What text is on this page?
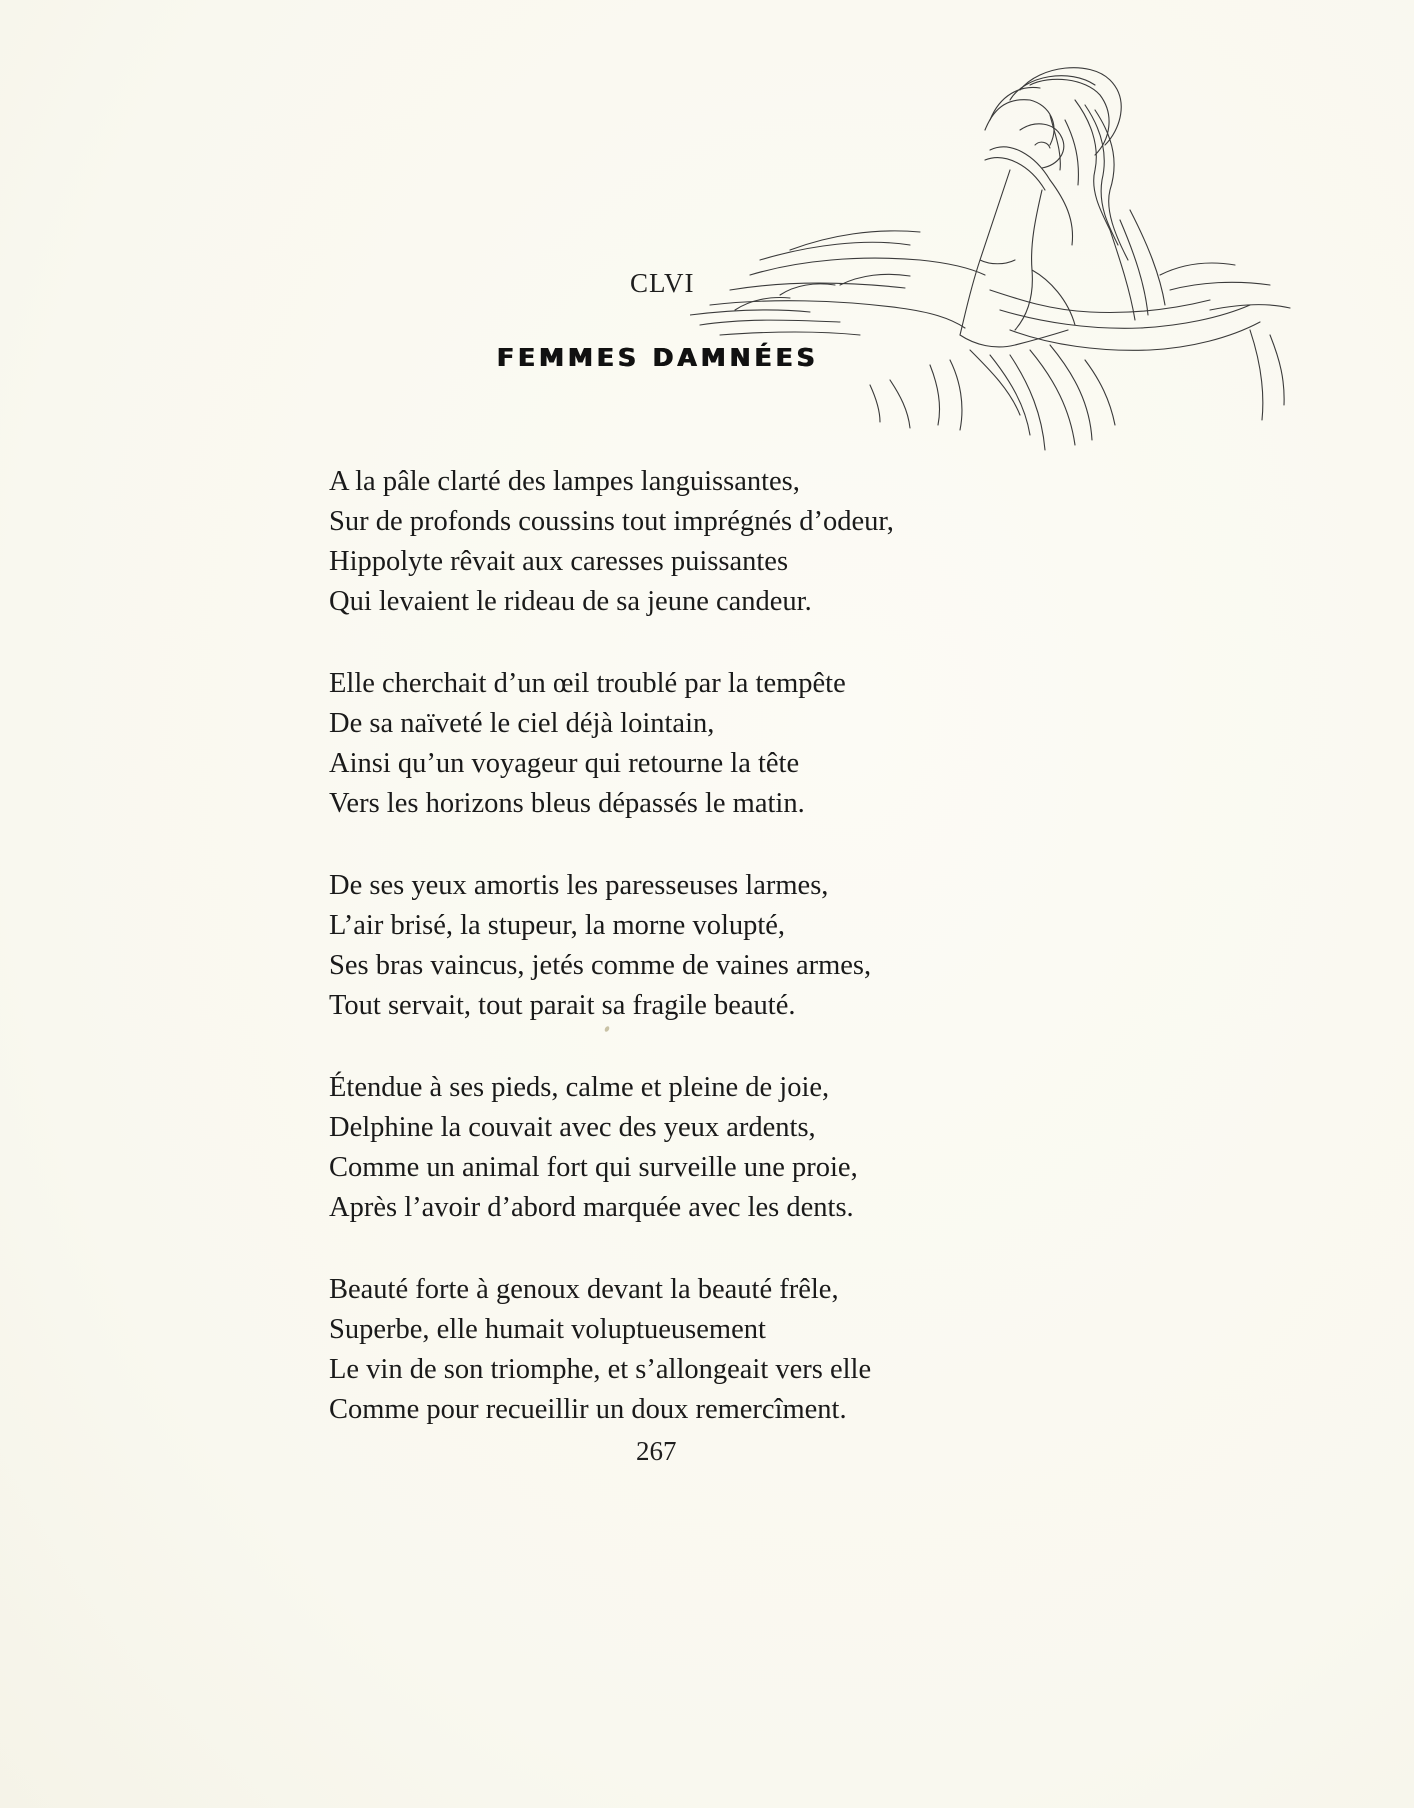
CLVI
FEMMES DAMNÉES
A la pâle clarté des lampes languissantes,
Sur de profonds coussins tout imprégnés d’odeur,
Hippolyte rêvait aux caresses puissantes
Qui levaient le rideau de sa jeune candeur.
Elle cherchait d’un œil troublé par la tempête
De sa naïveté le ciel déjà lointain,
Ainsi qu’un voyageur qui retourne la tête
Vers les horizons bleus dépassés le matin.
De ses yeux amortis les paresseuses larmes,
L’air brisé, la stupeur, la morne volupté,
Ses bras vaincus, jetés comme de vaines armes,
Tout servait, tout parait sa fragile beauté.
Étendue à ses pieds, calme et pleine de joie,
Delphine la couvait avec des yeux ardents,
Comme un animal fort qui surveille une proie,
Après l’avoir d’abord marquée avec les dents.
Beauté forte à genoux devant la beauté frêle,
Superbe, elle humait voluptueusement
Le vin de son triomphe, et s’allongeait vers elle
Comme pour recueillir un doux remercîment.
267
